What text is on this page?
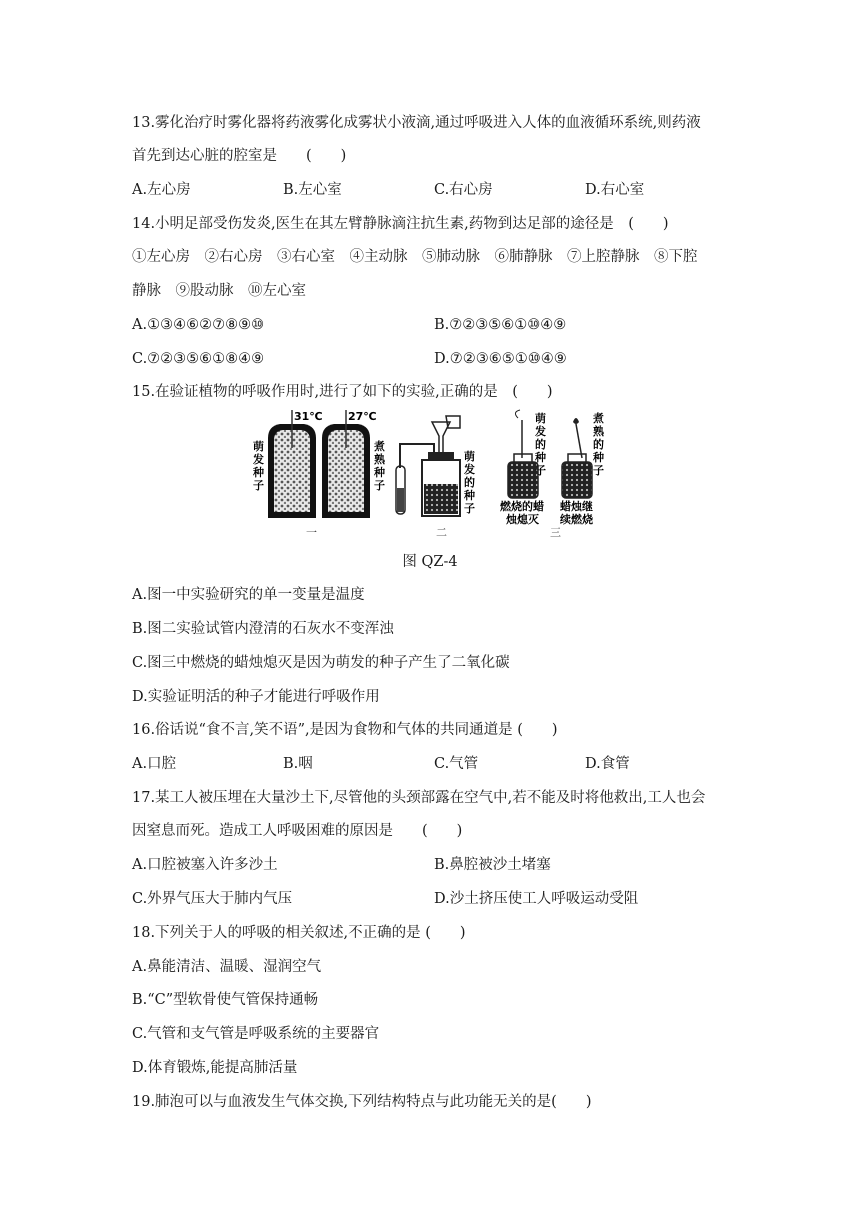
13.雾化治疗时雾化器将药液雾化成雾状小液滴,通过呼吸进入人体的血液循环系统,则药液
首先到达心脏的腔室是　　(　　)
A.左心房	B.左心室	C.右心房	D.右心室
14.小明足部受伤发炎,医生在其左臂静脉滴注抗生素,药物到达足部的途径是　(　　)
①左心房　②右心房　③右心室　④主动脉　⑤肺动脉　⑥肺静脉　⑦上腔静脉　⑧下腔
静脉　⑨股动脉　⑩左心室
A.①③④⑥②⑦⑧⑨⑩	B.⑦②③⑤⑥①⑩④⑨
C.⑦②③⑤⑥①⑧④⑨	D.⑦②③⑥⑤①⑩④⑨
15.在验证植物的呼吸作用时,进行了如下的实验,正确的是　(　　)
31℃ 27℃
萌
发
种
子
煮
熟
种
子
一
萌
发
的
种
子
二
萌
发
的
种
子
燃烧的蜡
烛熄灭
煮
熟
的
种
子
蜡烛继
续燃烧
三
图 QZ-4
A.图一中实验研究的单一变量是温度
B.图二实验试管内澄清的石灰水不变浑浊
C.图三中燃烧的蜡烛熄灭是因为萌发的种子产生了二氧化碳
D.实验证明活的种子才能进行呼吸作用
16.俗话说“食不言,笑不语”,是因为食物和气体的共同通道是 (　　)
A.口腔	B.咽	C.气管	D.食管
17.某工人被压埋在大量沙土下,尽管他的头颈部露在空气中,若不能及时将他救出,工人也会
因窒息而死。造成工人呼吸困难的原因是　　(　　)
A.口腔被塞入许多沙土	B.鼻腔被沙土堵塞
C.外界气压大于肺内气压	D.沙土挤压使工人呼吸运动受阻
18.下列关于人的呼吸的相关叙述,不正确的是 (　　)
A.鼻能清洁、温暖、湿润空气
B.“C”型软骨使气管保持通畅
C.气管和支气管是呼吸系统的主要器官
D.体育锻炼,能提高肺活量
19.肺泡可以与血液发生气体交换,下列结构特点与此功能无关的是(　　)
